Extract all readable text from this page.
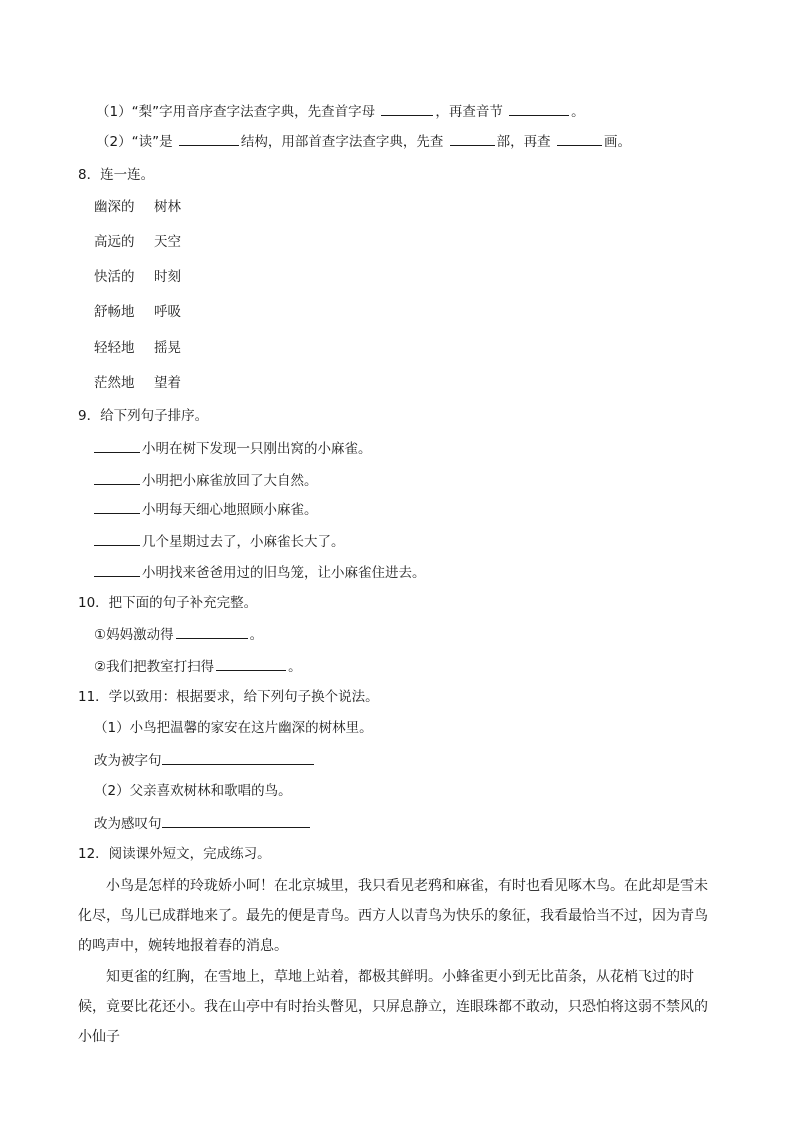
（1）“梨”字用音序查字法查字典，先查首字母	，再查音节	。
（2）“读”是	结构，用部首查字法查字典，先查	部，再查	画。
8．连一连。
幽深的 树林
高远的 天空
快活的 时刻
舒畅地 呼吸
轻轻地 摇晃
茫然地 望着
9．给下列句子排序。
小明在树下发现一只刚出窝的小麻雀。
小明把小麻雀放回了大自然。
小明每天细心地照顾小麻雀。
几个星期过去了，小麻雀长大了。
小明找来爸爸用过的旧鸟笼，让小麻雀住进去。
10．把下面的句子补充完整。
①妈妈激动得	。
②我们把教室打扫得	。
11．学以致用：根据要求，给下列句子换个说法。
（1）小鸟把温馨的家安在这片幽深的树林里。
改为被字句
（2）父亲喜欢树林和歌唱的鸟。
改为感叹句
12．阅读课外短文，完成练习。
小鸟是怎样的玲珑娇小呵！在北京城里，我只看见老鸦和麻雀，有时也看见啄木鸟。在此却是雪未化尽，鸟儿已成群地来了。最先的便是青鸟。西方人以青鸟为快乐的象征，我看最恰当不过，因为青鸟的鸣声中，婉转地报着春的消息。
知更雀的红胸，在雪地上，草地上站着，都极其鲜明。小蜂雀更小到无比苗条，从花梢飞过的时候，竟要比花还小。我在山亭中有时抬头瞥见，只屏息静立，连眼珠都不敢动，只恐怕将这弱不禁风的小仙子
